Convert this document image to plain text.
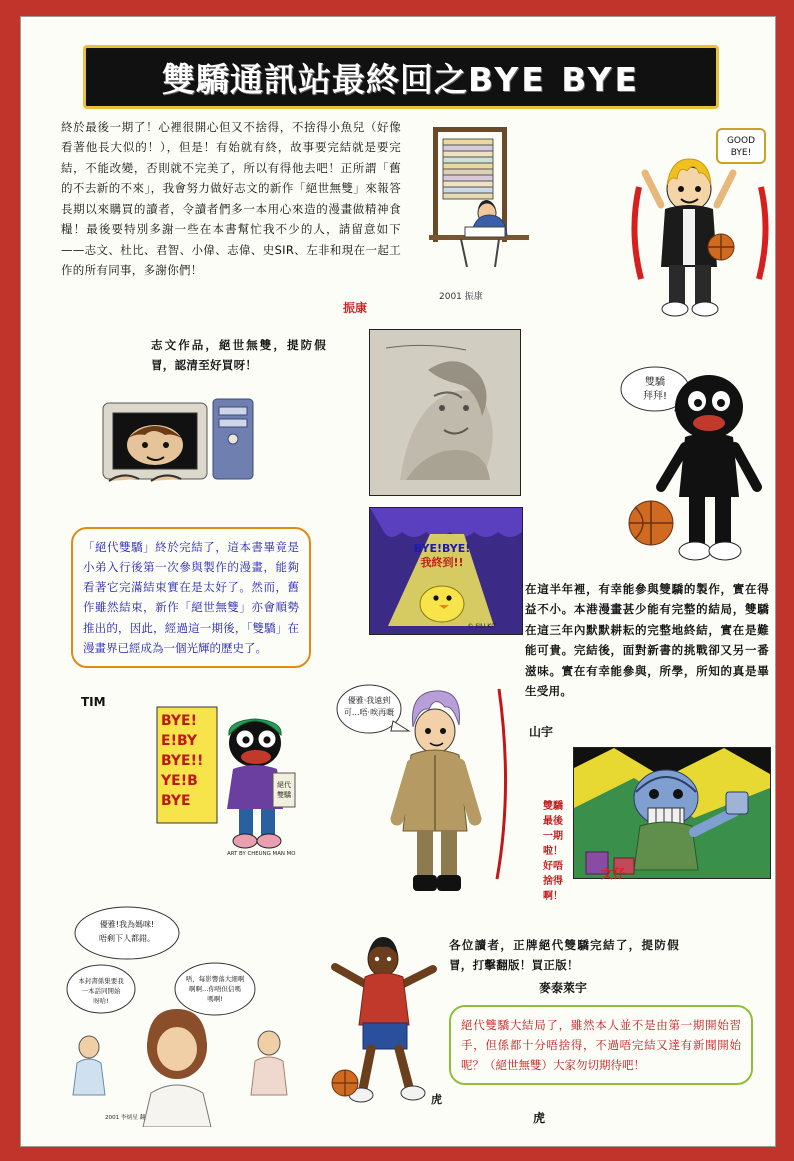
雙驕通訊站最終回之BYE BYE
終於最後一期了！心裡很開心但又不捨得，不捨得小魚兒（好像看著他長大似的！），但是！有始就有終，故事要完結就是要完結，不能改變，否則就不完美了，所以有得他去吧！正所謂「舊的不去新的不來」，我會努力做好志文的新作「絕世無雙」來報答長期以來購買的讀者，令讀者們多一本用心來造的漫畫做精神食糧！最後要特別多謝一些在本書幫忙我不少的人，請留意如下——志文、杜比、君智、小偉、志偉、史SIR、左非和現在一起工作的所有同事，多謝你們！
振康
2001 振康
GOOD
BYE!
志文作品，絕世無雙，提防假冒，認清至好買呀！
雙驕
拜拜!
BYE!BYE!
我終到!!
© SIU KIT
在這半年裡，有幸能參與雙驕的製作，實在得益不小。本港漫畫甚少能有完整的結局，雙驕在這三年內默默耕耘的完整地終結，實在是難能可貴。完結後，面對新書的挑戰卻又另一番滋味。實在有幸能參與，所學，所知的真是畢生受用。
山宇
「絕代雙驕」終於完結了，這本書畢竟是小弟入行後第一次參與製作的漫畫，能夠看著它完滿結束實在是太好了。然而，舊作雖然結束，新作「絕世無雙」亦會順勢推出的，因此，經過這一期後，「雙驕」在漫畫界已經成為一個光輝的歷史了。
TIM
BYE!
E!BY
BYE!!
YE!B
BYE
絕代
雙驕
ART BY CHEUNG MAN MO
優雅·我遠到
可...唔·唉再嘅
雙驕最後一期啦！好唔捨得啊！
文仔
優雅!我為媽咪!
唔剩下人都錯。
本封書係集要我
一本話同開始
呀哈!
唔，每影響落大細啊
啊啊…你唔但信嗎
嗎啊!
2001 李炳星 翻
虎
各位讀者，正牌絕代雙驕完結了，提防假冒，打擊翻版！買正版！
麥泰萊宇
絕代雙驕大結局了，雖然本人並不是由第一期開始習手，但係都十分唔捨得，不過唔完結又達有新聞開始呢？（絕世無雙）大家勿切期待吧！
虎
